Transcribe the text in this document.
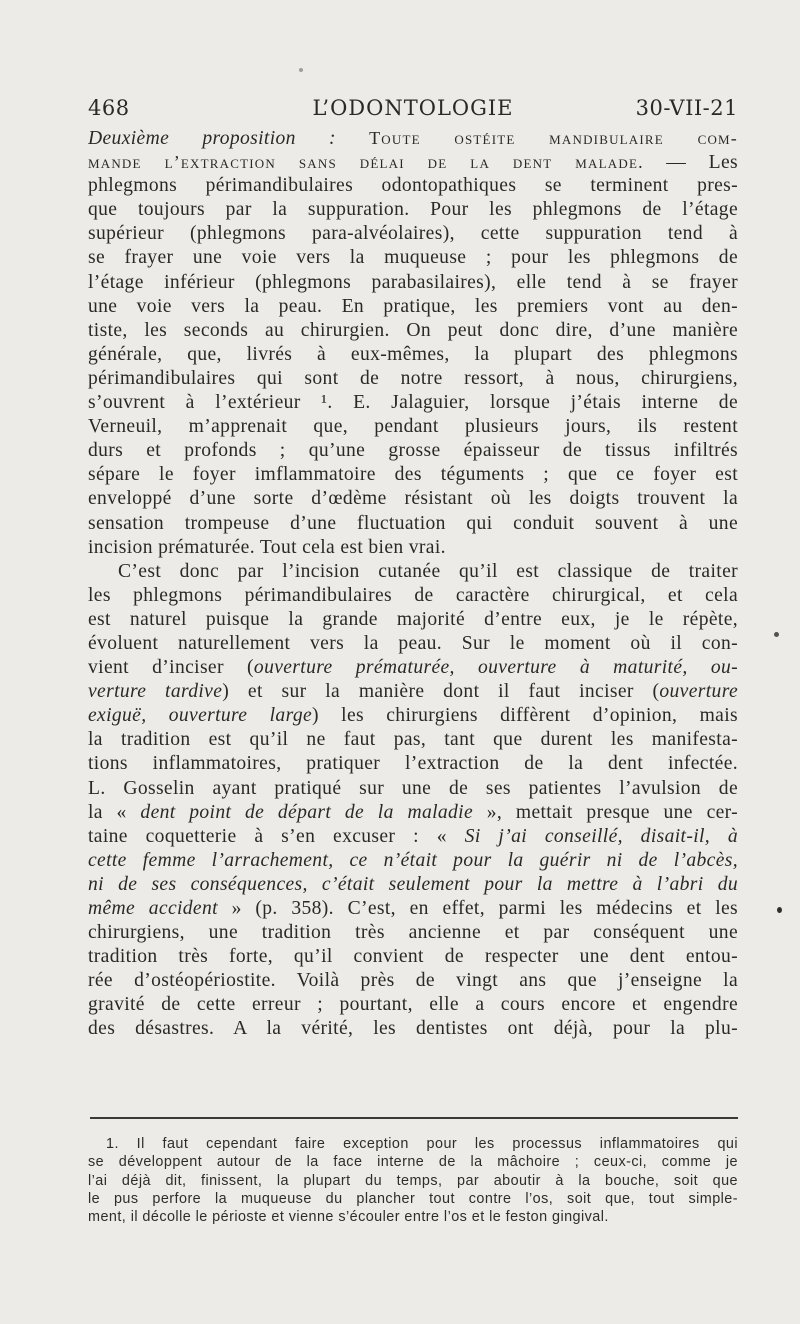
468	L’ODONTOLOGIE	30-VII-21
Deuxième proposition : Toute ostéite mandibulaire com-
mande l’extraction sans délai de la dent malade. — Les
phlegmons périmandibulaires odontopathiques se terminent pres-
que toujours par la suppuration. Pour les phlegmons de l’étage
supérieur (phlegmons para-alvéolaires), cette suppuration tend à
se frayer une voie vers la muqueuse ; pour les phlegmons de
l’étage inférieur (phlegmons parabasilaires), elle tend à se frayer
une voie vers la peau. En pratique, les premiers vont au den-
tiste, les seconds au chirurgien. On peut donc dire, d’une manière
générale, que, livrés à eux-mêmes, la plupart des phlegmons
périmandibulaires qui sont de notre ressort, à nous, chirurgiens,
s’ouvrent à l’extérieur ¹. E. Jalaguier, lorsque j’étais interne de
Verneuil, m’apprenait que, pendant plusieurs jours, ils restent
durs et profonds ; qu’une grosse épaisseur de tissus infiltrés
sépare le foyer imflammatoire des téguments ; que ce foyer est
enveloppé d’une sorte d’œdème résistant où les doigts trouvent la
sensation trompeuse d’une fluctuation qui conduit souvent à une
incision prématurée. Tout cela est bien vrai.
C’est donc par l’incision cutanée qu’il est classique de traiter
les phlegmons périmandibulaires de caractère chirurgical, et cela
est naturel puisque la grande majorité d’entre eux, je le répète,
évoluent naturellement vers la peau. Sur le moment où il con-
vient d’inciser (ouverture prématurée, ouverture à maturité, ou-
verture tardive) et sur la manière dont il faut inciser (ouverture
exiguë, ouverture large) les chirurgiens diffèrent d’opinion, mais
la tradition est qu’il ne faut pas, tant que durent les manifesta-
tions inflammatoires, pratiquer l’extraction de la dent infectée.
L. Gosselin ayant pratiqué sur une de ses patientes l’avulsion de
la « dent point de départ de la maladie », mettait presque une cer-
taine coquetterie à s’en excuser : « Si j’ai conseillé, disait-il, à
cette femme l’arrachement, ce n’était pour la guérir ni de l’abcès,
ni de ses conséquences, c’était seulement pour la mettre à l’abri du
même accident » (p. 358). C’est, en effet, parmi les médecins et les
chirurgiens, une tradition très ancienne et par conséquent une
tradition très forte, qu’il convient de respecter une dent entou-
rée d’ostéopériostite. Voilà près de vingt ans que j’enseigne la
gravité de cette erreur ; pourtant, elle a cours encore et engendre
des désastres. A la vérité, les dentistes ont déjà, pour la plu-
1. Il faut cependant faire exception pour les processus inflammatoires qui
se développent autour de la face interne de la mâchoire ; ceux-ci, comme je
l’ai déjà dit, finissent, la plupart du temps, par aboutir à la bouche, soit que
le pus perfore la muqueuse du plancher tout contre l’os, soit que, tout simple-
ment, il décolle le périoste et vienne s’écouler entre l’os et le feston gingival.
